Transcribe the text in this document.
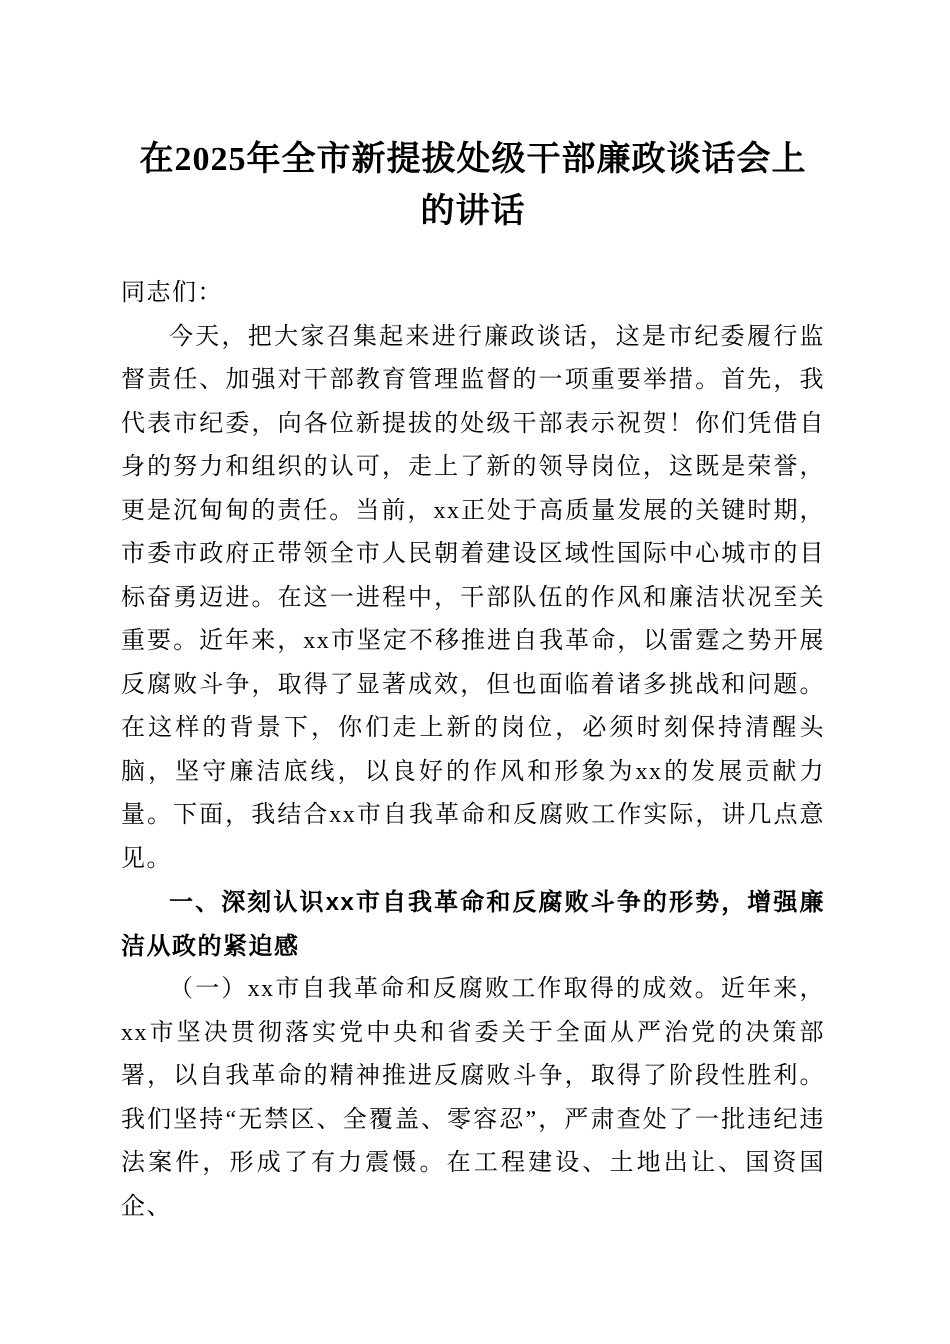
在2025年全市新提拔处级干部廉政谈话会上
的讲话

同志们：

今天，把大家召集起来进行廉政谈话，这是市纪委履行监督责任、加强对干部教育管理监督的一项重要举措。首先，我代表市纪委，向各位新提拔的处级干部表示祝贺！你们凭借自身的努力和组织的认可，走上了新的领导岗位，这既是荣誉，更是沉甸甸的责任。当前，xx正处于高质量发展的关键时期，市委市政府正带领全市人民朝着建设区域性国际中心城市的目标奋勇迈进。在这一进程中，干部队伍的作风和廉洁状况至关重要。近年来，xx市坚定不移推进自我革命，以雷霆之势开展反腐败斗争，取得了显著成效，但也面临着诸多挑战和问题。在这样的背景下，你们走上新的岗位，必须时刻保持清醒头脑，坚守廉洁底线，以良好的作风和形象为xx的发展贡献力量。下面，我结合xx市自我革命和反腐败工作实际，讲几点意见。

一、深刻认识xx市自我革命和反腐败斗争的形势，增强廉洁从政的紧迫感

（一）xx市自我革命和反腐败工作取得的成效。近年来，xx市坚决贯彻落实党中央和省委关于全面从严治党的决策部署，以自我革命的精神推进反腐败斗争，取得了阶段性胜利。我们坚持“无禁区、全覆盖、零容忍”，严肃查处了一批违纪违法案件，形成了有力震慑。在工程建设、土地出让、国资国企、
